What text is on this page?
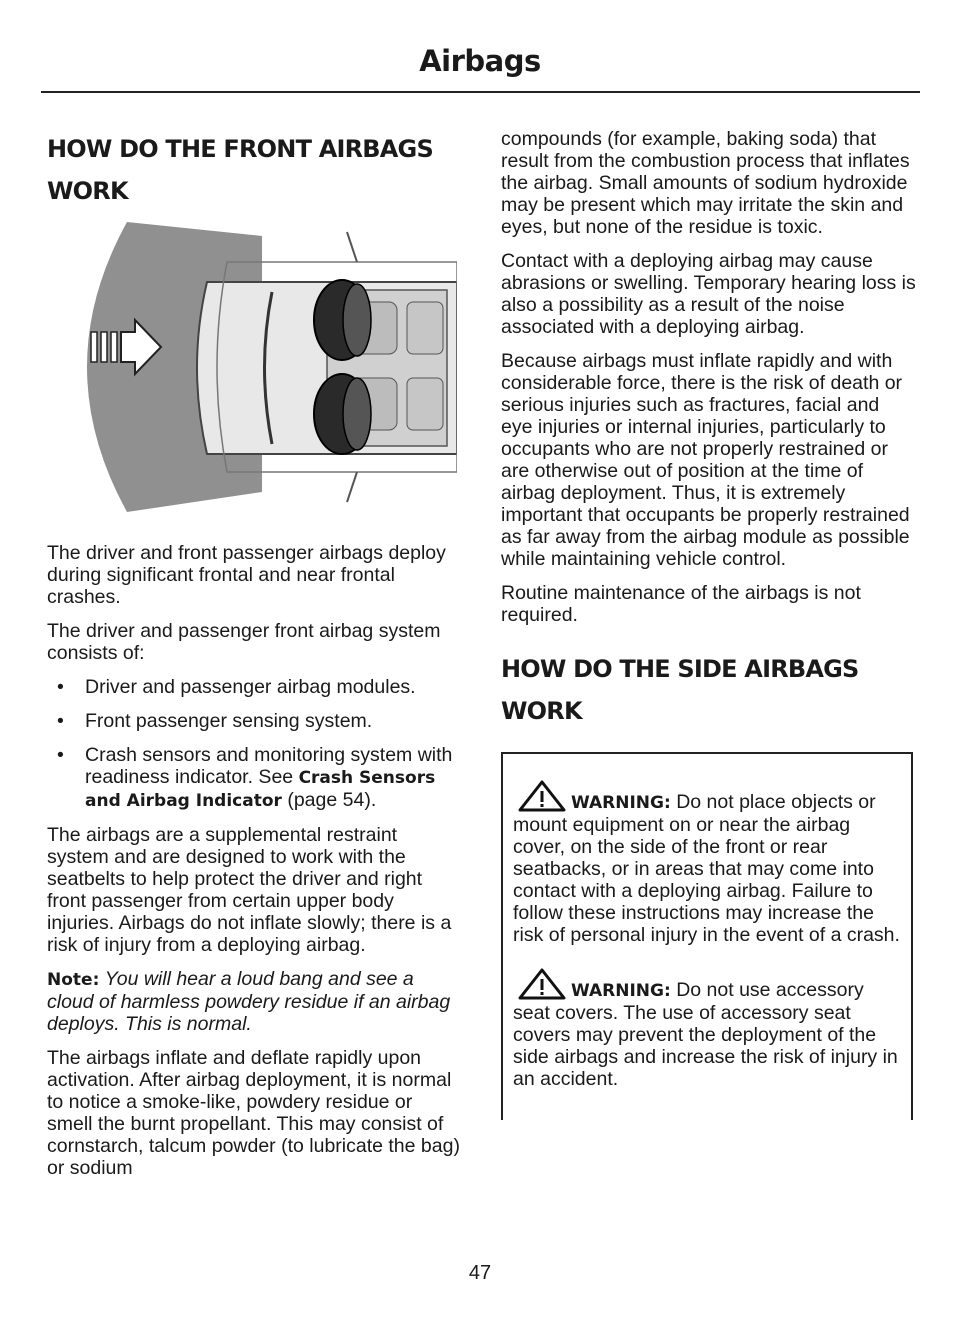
Airbags
HOW DO THE FRONT AIRBAGS WORK

The driver and front passenger airbags deploy during significant frontal and near frontal crashes.

The driver and passenger front airbag system consists of:

• Driver and passenger airbag modules.
• Front passenger sensing system.
• Crash sensors and monitoring system with readiness indicator. See Crash Sensors and Airbag Indicator (page 54).

The airbags are a supplemental restraint system and are designed to work with the seatbelts to help protect the driver and right front passenger from certain upper body injuries. Airbags do not inflate slowly; there is a risk of injury from a deploying airbag.

Note: You will hear a loud bang and see a cloud of harmless powdery residue if an airbag deploys. This is normal.

The airbags inflate and deflate rapidly upon activation. After airbag deployment, it is normal to notice a smoke-like, powdery residue or smell the burnt propellant. This may consist of cornstarch, talcum powder (to lubricate the bag) or sodium

compounds (for example, baking soda) that result from the combustion process that inflates the airbag. Small amounts of sodium hydroxide may be present which may irritate the skin and eyes, but none of the residue is toxic.

Contact with a deploying airbag may cause abrasions or swelling. Temporary hearing loss is also a possibility as a result of the noise associated with a deploying airbag.

Because airbags must inflate rapidly and with considerable force, there is the risk of death or serious injuries such as fractures, facial and eye injuries or internal injuries, particularly to occupants who are not properly restrained or are otherwise out of position at the time of airbag deployment. Thus, it is extremely important that occupants be properly restrained as far away from the airbag module as possible while maintaining vehicle control.

Routine maintenance of the airbags is not required.

HOW DO THE SIDE AIRBAGS WORK

WARNING: Do not place objects or mount equipment on or near the airbag cover, on the side of the front or rear seatbacks, or in areas that may come into contact with a deploying airbag. Failure to follow these instructions may increase the risk of personal injury in the event of a crash.

WARNING: Do not use accessory seat covers. The use of accessory seat covers may prevent the deployment of the side airbags and increase the risk of injury in an accident.

47
